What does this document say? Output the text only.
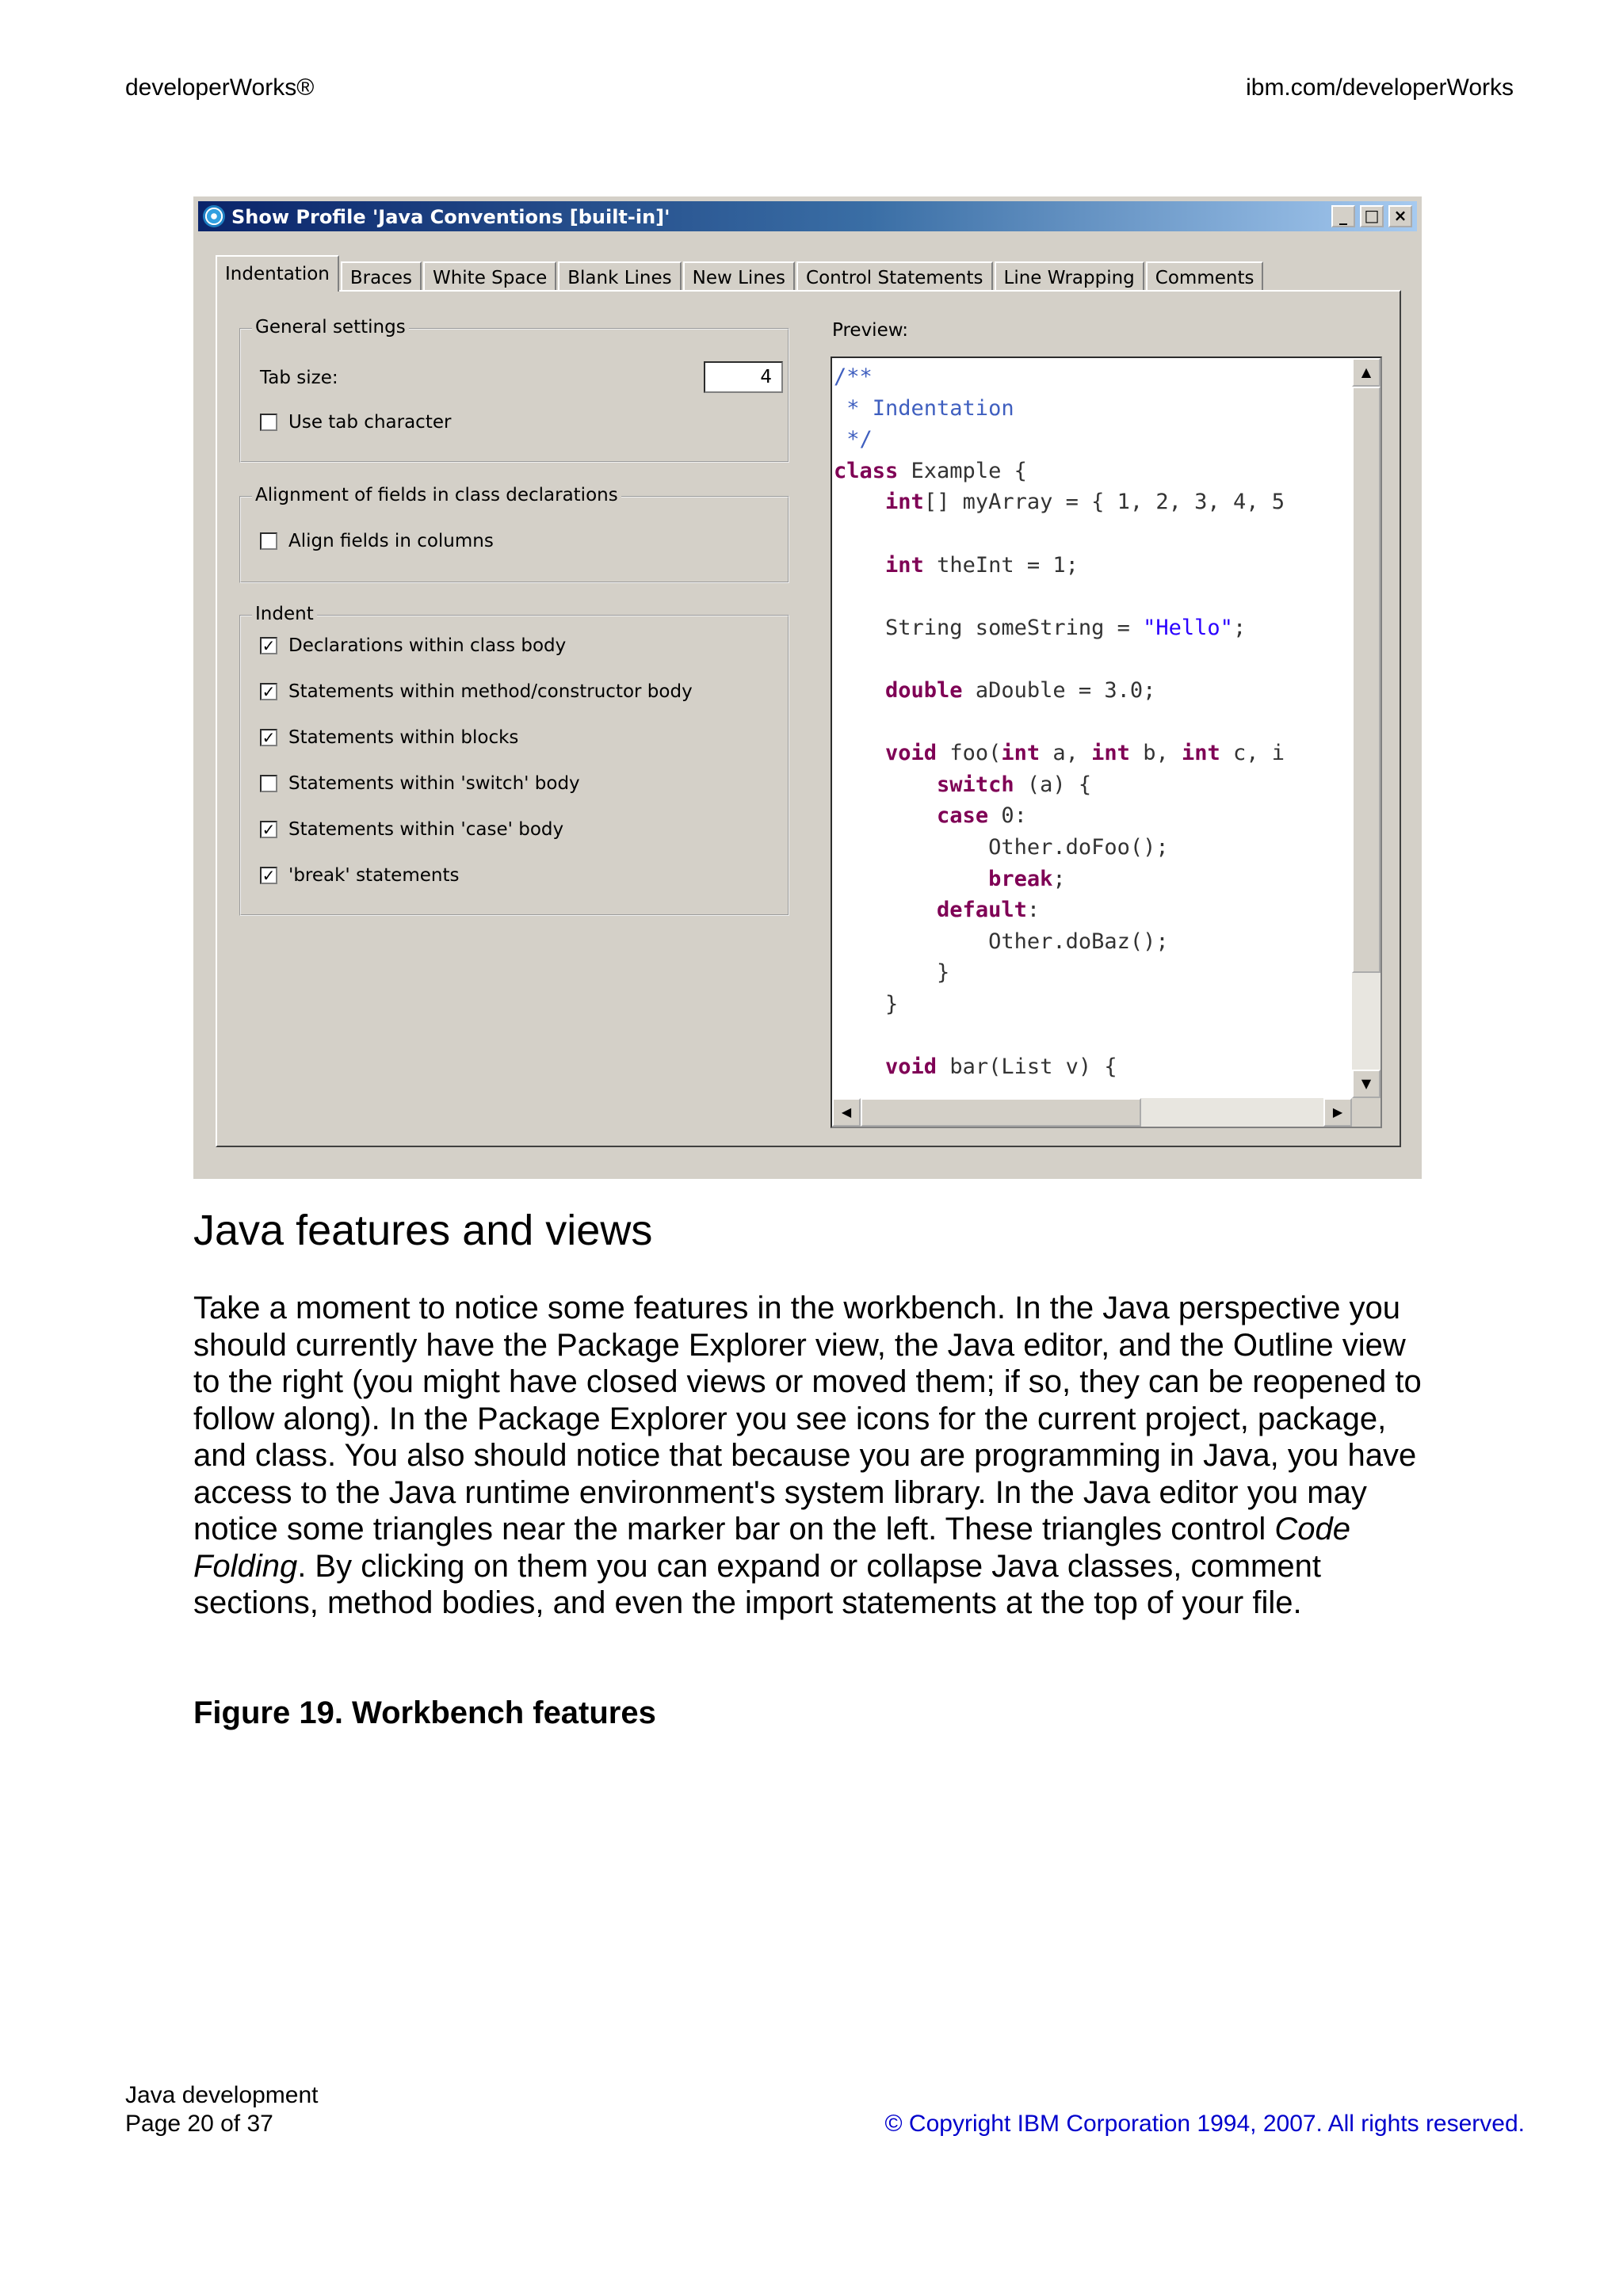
developerWorks®	ibm.com/developerWorks
Show Profile 'Java Conventions [built-in]'	_	□ ×
Indentation	Braces	White Space	Blank Lines	New Lines	Control Statements	Line Wrapping	Comments
General settings
Tab size:	4
Use tab character
Alignment of fields in class declarations
Align fields in columns
Indent
✓ Declarations within class body
✓ Statements within method/constructor body
✓ Statements within blocks
Statements within 'switch' body
✓ Statements within 'case' body
✓ 'break' statements
Preview:
/**
* Indentation
*/
class Example {
int[] myArray = { 1, 2, 3, 4, 5
int theInt = 1;
String someString = "Hello";
double aDouble = 3.0;
void foo(int a, int b, int c, i
switch (a) {
case 0:
Other.doFoo();
break;
default:
Other.doBaz();
}
}
void bar(List v) {
▲
▼
◀	▶
Java features and views

Take a moment to notice some features in the workbench. In the Java perspective you should currently have the Package Explorer view, the Java editor, and the Outline view to the right (you might have closed views or moved them; if so, they can be reopened to follow along). In the Package Explorer you see icons for the current project, package, and class. You also should notice that because you are programming in Java, you have access to the Java runtime environment's system library. In the Java editor you may notice some triangles near the marker bar on the left. These triangles control Code Folding. By clicking on them you can expand or collapse Java classes, comment sections, method bodies, and even the import statements at the top of your file.

Figure 19. Workbench features

Java development
Page 20 of 37	© Copyright IBM Corporation 1994, 2007. All rights reserved.
